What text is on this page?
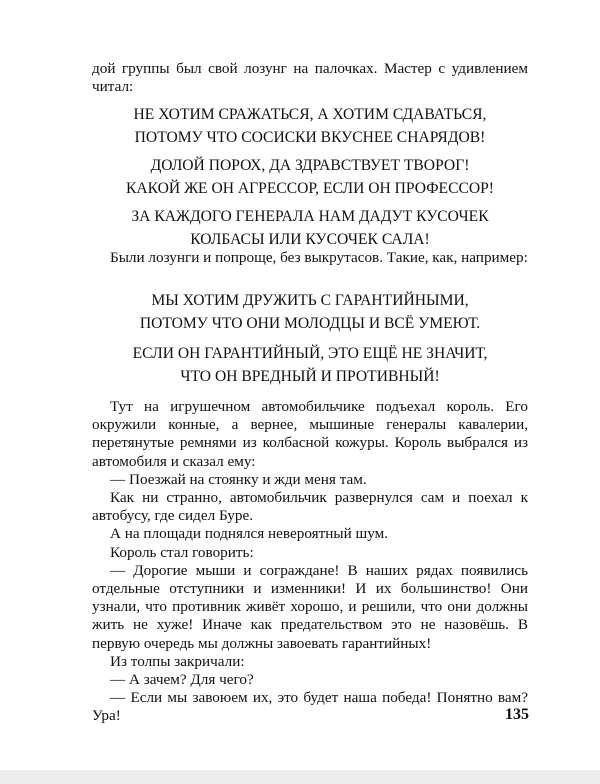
дой группы был свой лозунг на палочках. Мастер с удивлением читал:

НЕ ХОТИМ СРАЖАТЬСЯ, А ХОТИМ СДАВАТЬСЯ,
ПОТОМУ ЧТО СОСИСКИ ВКУСНЕЕ СНАРЯДОВ!
ДОЛОЙ ПОРОХ, ДА ЗДРАВСТВУЕТ ТВОРОГ!
КАКОЙ ЖЕ ОН АГРЕССОР, ЕСЛИ ОН ПРОФЕССОР!
ЗА КАЖДОГО ГЕНЕРАЛА НАМ ДАДУТ КУСОЧЕК
КОЛБАСЫ ИЛИ КУСОЧЕК САЛА!

Были лозунги и попроще, без выкрутасов. Такие, как, например:

МЫ ХОТИМ ДРУЖИТЬ С ГАРАНТИЙНЫМИ,
ПОТОМУ ЧТО ОНИ МОЛОДЦЫ И ВСЁ УМЕЮТ.
ЕСЛИ ОН ГАРАНТИЙНЫЙ, ЭТО ЕЩЁ НЕ ЗНАЧИТ,
ЧТО ОН ВРЕДНЫЙ И ПРОТИВНЫЙ!

Тут на игрушечном автомобильчике подъехал король. Его окружили конные, а вернее, мышиные генералы кавалерии, перетянутые ремнями из колбасной кожуры. Король выбрался из автомобиля и сказал ему:

— Поезжай на стоянку и жди меня там.

Как ни странно, автомобильчик развернулся сам и поехал к автобусу, где сидел Буре.

А на площади поднялся невероятный шум.

Король стал говорить:

— Дорогие мыши и сограждане! В наших рядах появились отдельные отступники и изменники! И их большинство! Они узнали, что противник живёт хорошо, и решили, что они должны жить не хуже! Иначе как предательством это не назовёшь. В первую очередь мы должны завоевать гарантийных!

Из толпы закричали:

— А зачем? Для чего?

— Если мы завоюем их, это будет наша победа! Понятно вам? Ура!	135
